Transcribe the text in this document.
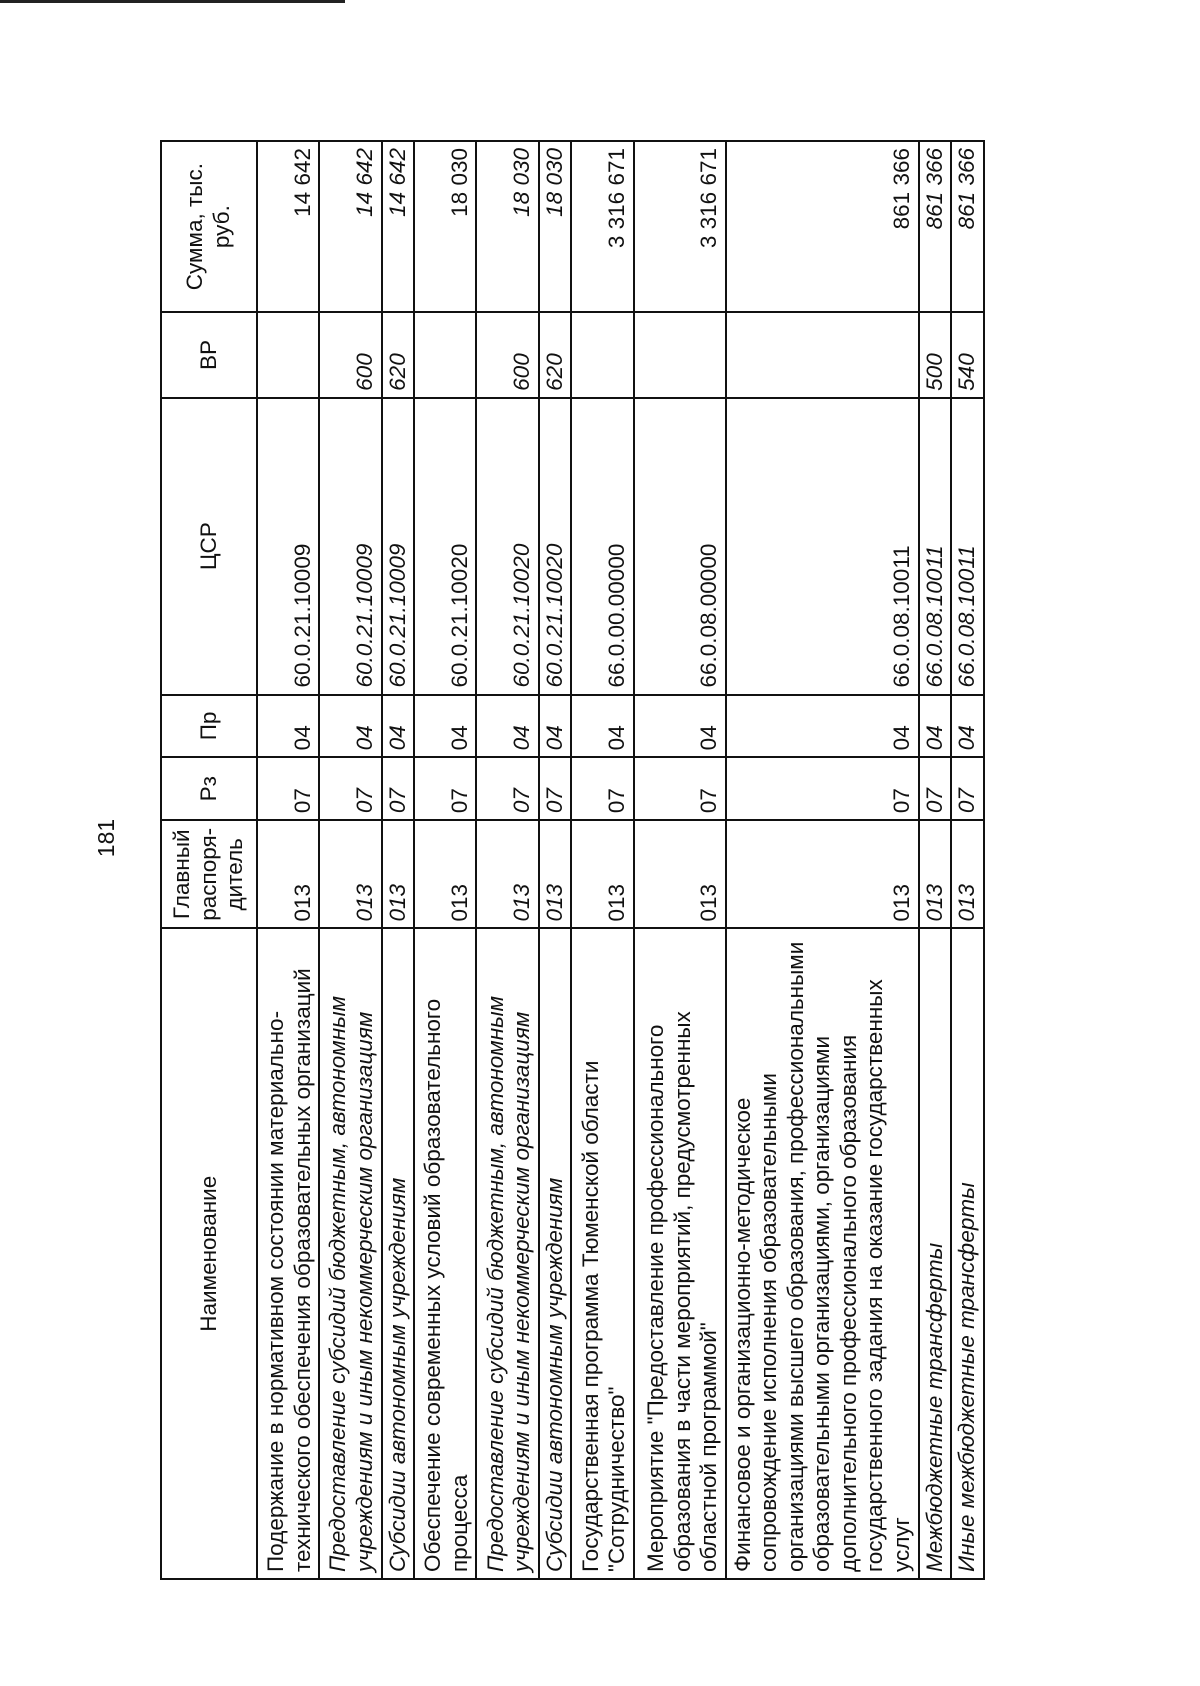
181
Наименование	Главный распоря-дитель	Рз	Пр	ЦСР	ВР	Сумма, тыс. руб.
Подержание в нормативном состоянии материально-технического обеспечения образовательных организаций	013	07	04	60.0.21.10009		14 642
Предоставление субсидий бюджетным, автономным учреждениям и иным некоммерческим организациям	013	07	04	60.0.21.10009	600	14 642
Субсидии автономным учреждениям	013	07	04	60.0.21.10009	620	14 642
Обеспечение современных условий образовательного процесса	013	07	04	60.0.21.10020		18 030
Предоставление субсидий бюджетным, автономным учреждениям и иным некоммерческим организациям	013	07	04	60.0.21.10020	600	18 030
Субсидии автономным учреждениям	013	07	04	60.0.21.10020	620	18 030
Государственная программа Тюменской области "Сотрудничество"	013	07	04	66.0.00.00000		3 316 671
Мероприятие "Предоставление профессионального образования в части мероприятий, предусмотренных областной программой"	013	07	04	66.0.08.00000		3 316 671
Финансовое и организационно-методическое сопровождение исполнения образовательными организациями высшего образования, профессиональными образовательными организациями, организациями дополнительного профессионального образования государственного задания на оказание государственных услуг	013	07	04	66.0.08.10011		861 366
Межбюджетные трансферты	013	07	04	66.0.08.10011	500	861 366
Иные межбюджетные трансферты	013	07	04	66.0.08.10011	540	861 366
